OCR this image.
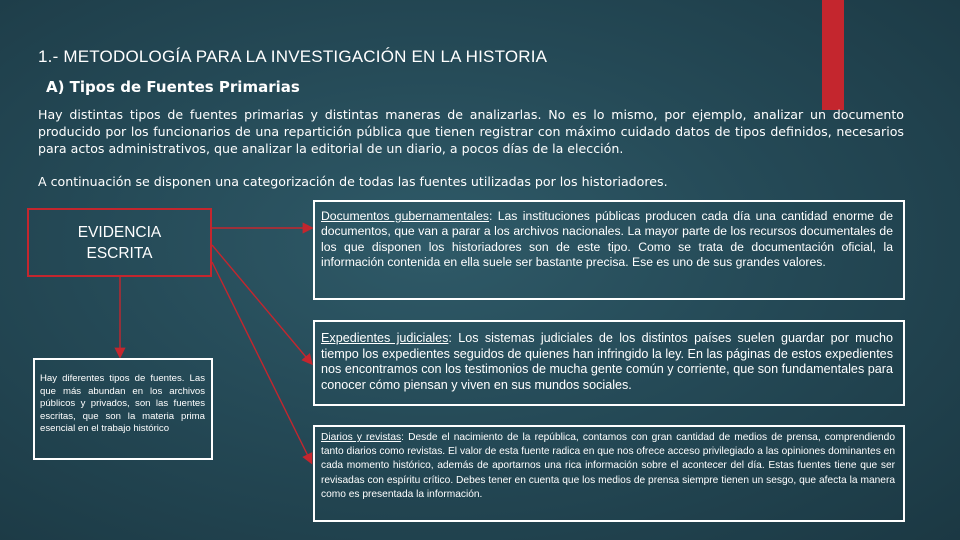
1.- METODOLOGÍA PARA LA INVESTIGACIÓN EN LA HISTORIA
A) Tipos de Fuentes Primarias
Hay distintas tipos de fuentes primarias y distintas maneras de analizarlas. No es lo mismo, por ejemplo, analizar un documento producido por los funcionarios de una repartición pública que tienen registrar con máximo cuidado datos de tipos definidos, necesarios para actos administrativos, que analizar la editorial de un diario, a pocos días de la elección.
A continuación se disponen una categorización de todas las fuentes utilizadas por los historiadores.
EVIDENCIA ESCRITA
Hay diferentes tipos de fuentes. Las que más abundan en los archivos públicos y privados, son las fuentes escritas, que son la materia prima esencial en el trabajo histórico
Documentos gubernamentales: Las instituciones públicas producen cada día una cantidad enorme de documentos, que van a parar a los archivos nacionales. La mayor parte de los recursos documentales de los que disponen los historiadores son de este tipo. Como se trata de documentación oficial, la información contenida en ella suele ser bastante precisa. Ese es uno de sus grandes valores.
Expedientes judiciales: Los sistemas judiciales de los distintos países suelen guardar por mucho tiempo los expedientes seguidos de quienes han infringido la ley. En las páginas de estos expedientes nos encontramos con los testimonios de mucha gente común y corriente, que son fundamentales para conocer cómo piensan y viven en sus mundos sociales.
Diarios y revistas: Desde el nacimiento de la república, contamos con gran cantidad de medios de prensa, comprendiendo tanto diarios como revistas. El valor de esta fuente radica en que nos ofrece acceso privilegiado a las opiniones dominantes en cada momento histórico, además de aportarnos una rica información sobre el acontecer del día. Estas fuentes tiene que ser revisadas con espíritu crítico. Debes tener en cuenta que los medios de prensa siempre tienen un sesgo, que afecta la manera como es presentada la información.
